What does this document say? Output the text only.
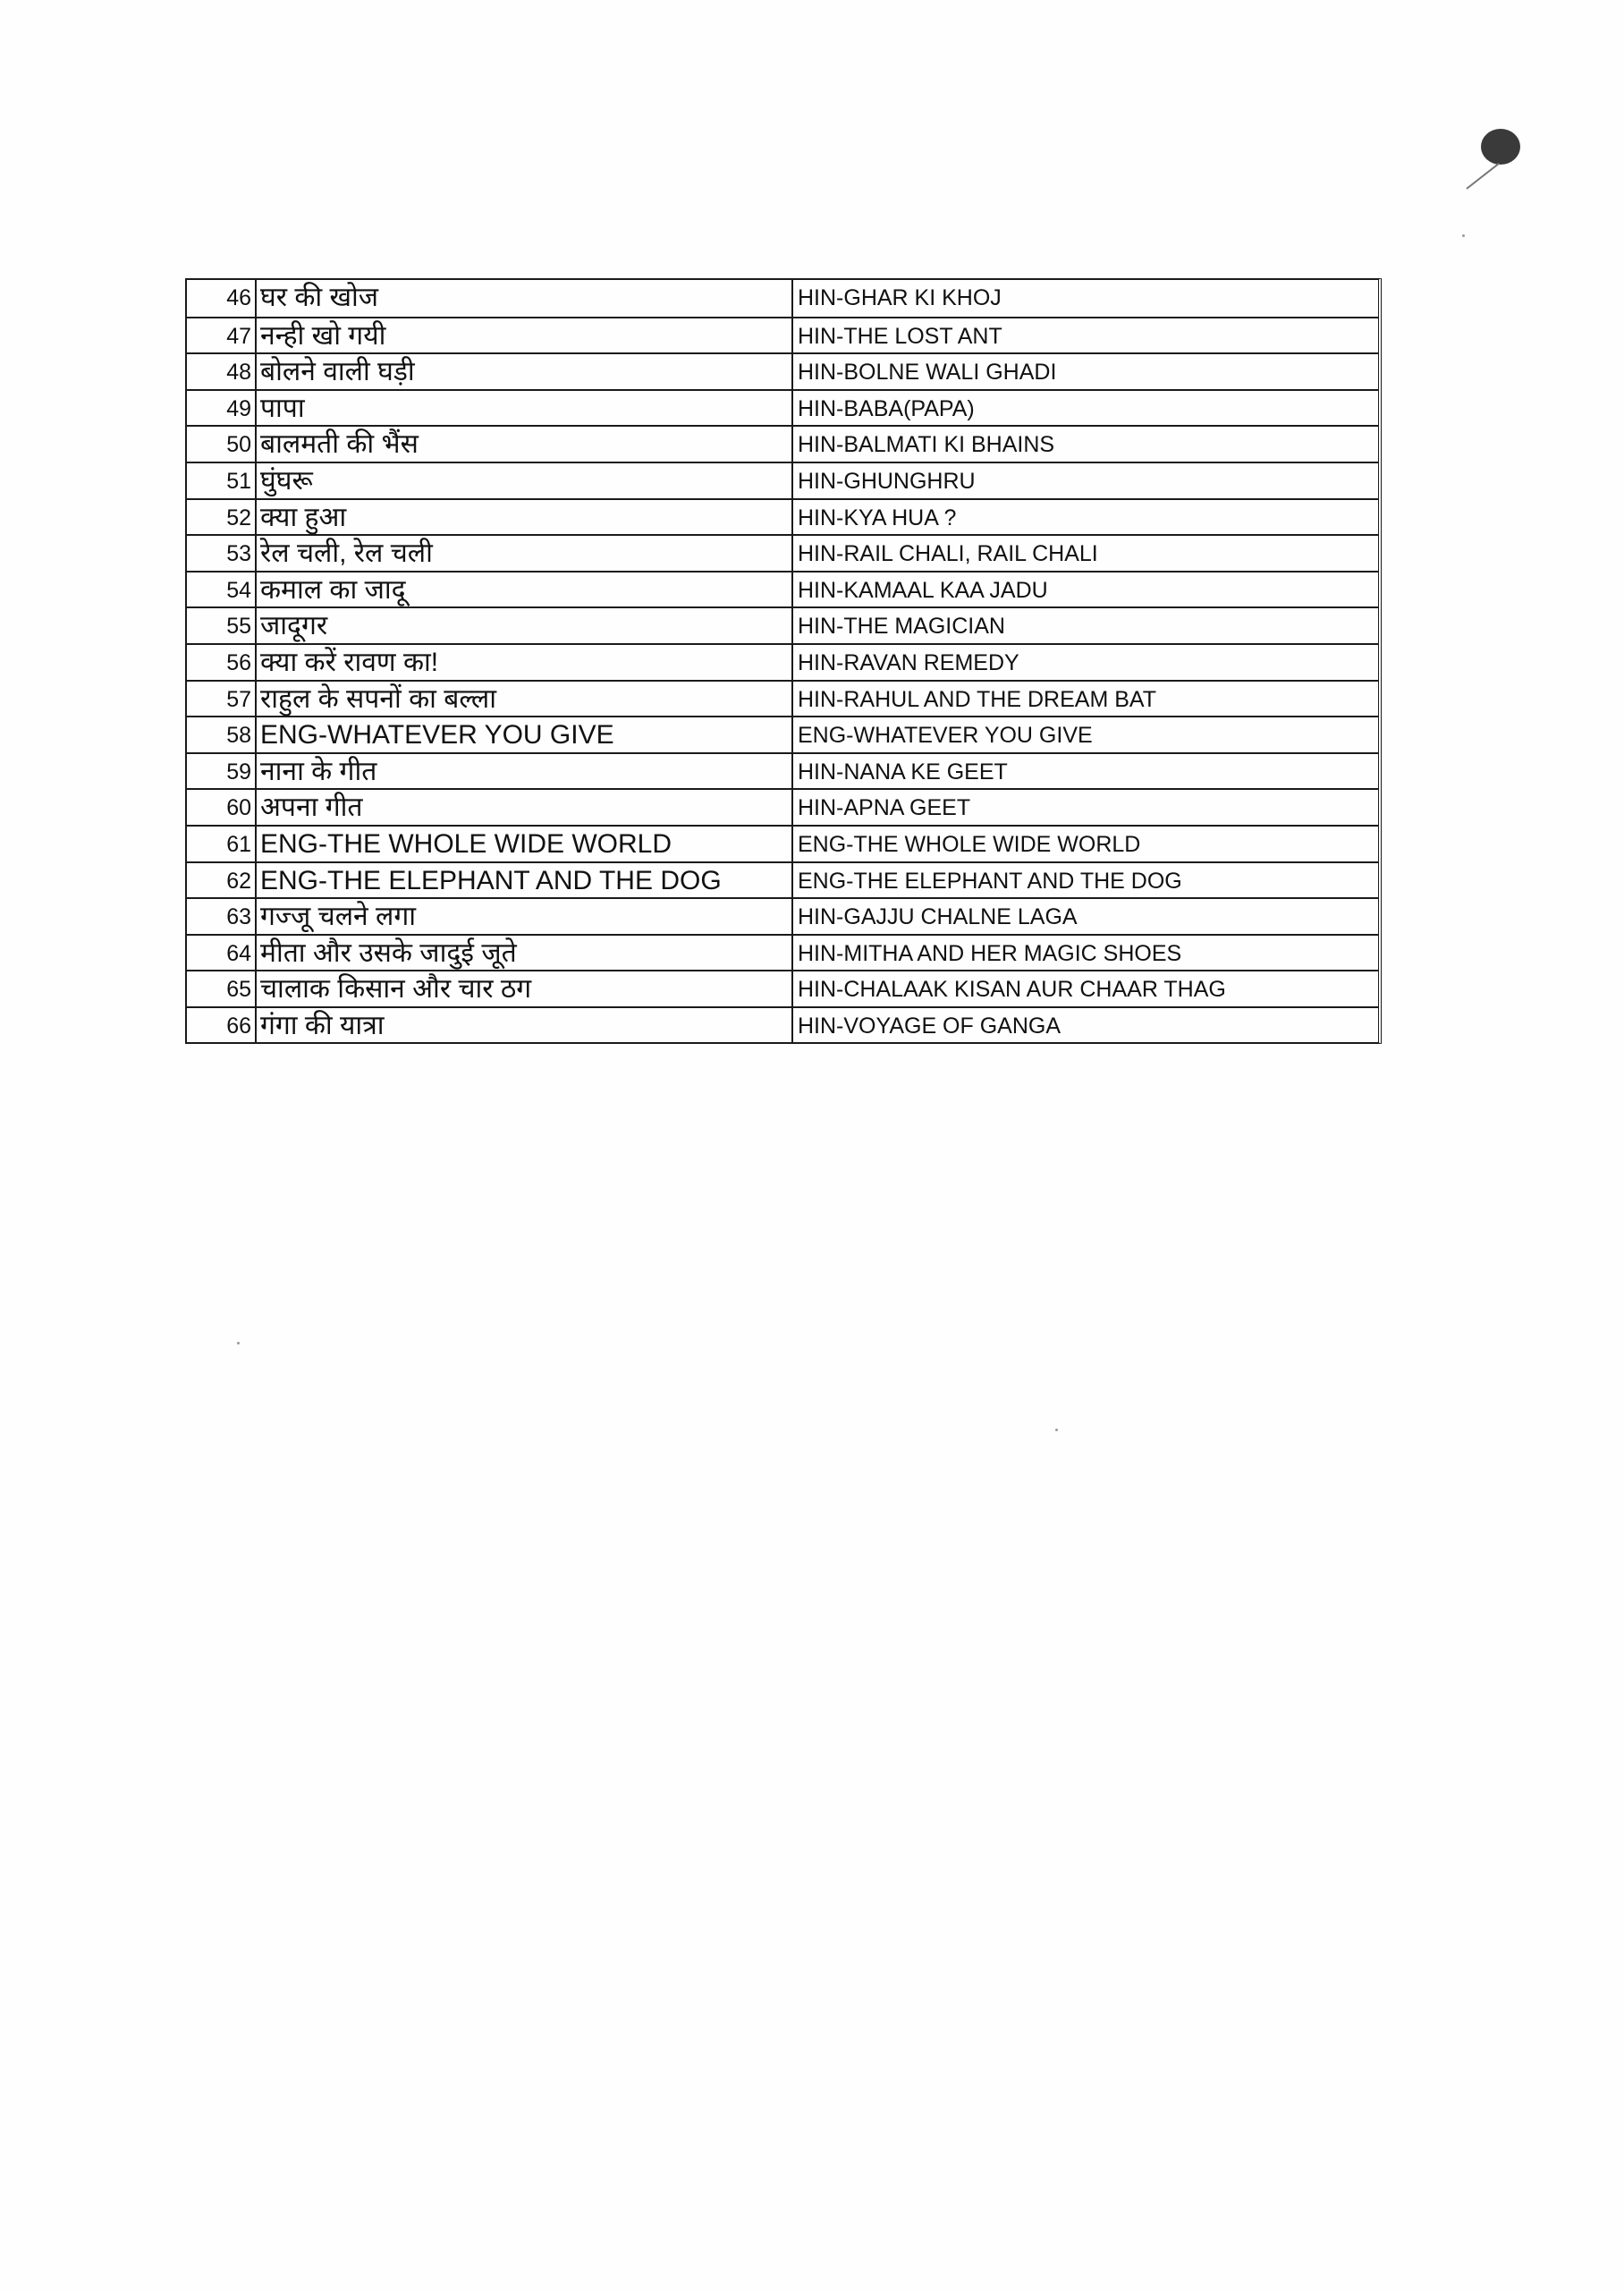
46 घर की खोज	HIN-GHAR KI KHOJ
47 नन्ही खो गयी	HIN-THE LOST ANT
48 बोलने वाली घड़ी	HIN-BOLNE WALI GHADI
49 पापा	HIN-BABA(PAPA)
50 बालमती की भैंस	HIN-BALMATI KI BHAINS
51 घुंघरू	HIN-GHUNGHRU
52 क्या हुआ	HIN-KYA HUA ?
53 रेल चली, रेल चली	HIN-RAIL CHALI, RAIL CHALI
54 कमाल का जादू	HIN-KAMAAL KAA JADU
55 जादूगर	HIN-THE MAGICIAN
56 क्या करें रावण का!	HIN-RAVAN REMEDY
57 राहुल के सपनों का बल्ला	HIN-RAHUL AND THE DREAM BAT
58 ENG-WHATEVER YOU GIVE	ENG-WHATEVER YOU GIVE
59 नाना के गीत	HIN-NANA KE GEET
60 अपना गीत	HIN-APNA GEET
61 ENG-THE WHOLE WIDE WORLD	ENG-THE WHOLE WIDE WORLD
62 ENG-THE ELEPHANT AND THE DOG	ENG-THE ELEPHANT AND THE DOG
63 गज्जू चलने लगा	HIN-GAJJU CHALNE LAGA
64 मीता और उसके जादुई जूते	HIN-MITHA AND HER MAGIC SHOES
65 चालाक किसान और चार ठग	HIN-CHALAAK KISAN AUR CHAAR THAG
66 गंगा की यात्रा	HIN-VOYAGE OF GANGA
